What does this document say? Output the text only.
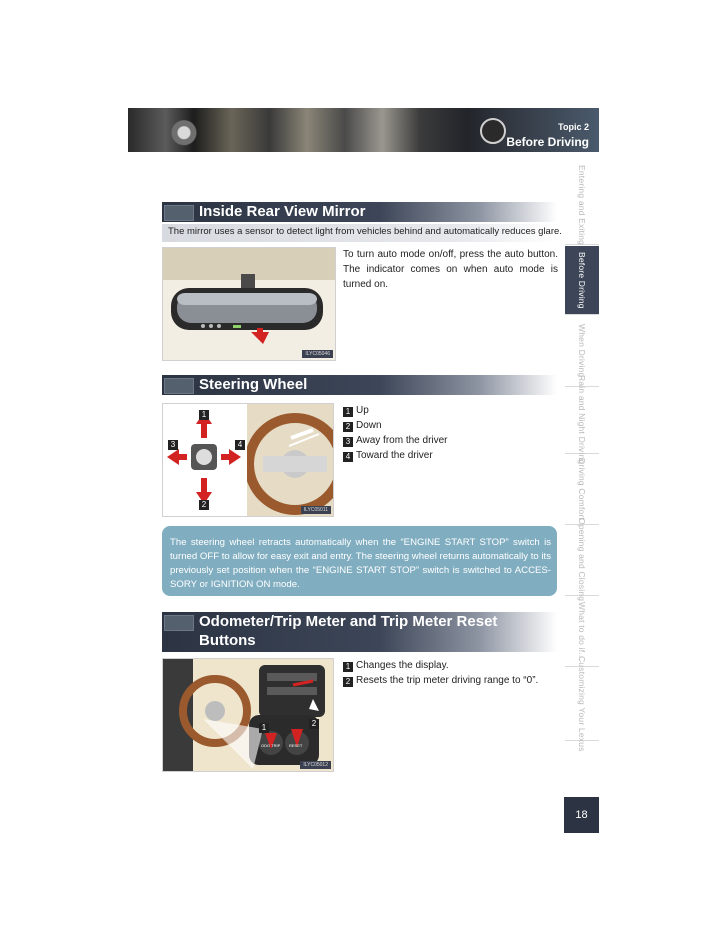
Topic 2
Before Driving
Entering and Exiting
Before Driving
When Driving
Rain and Night Driving
Driving Comfort
Opening and Closing
What to do if...
Customizing Your Lexus
Inside Rear View Mirror
The mirror uses a sensor to detect light from vehicles behind and automatically reduces glare.
ILYC05046
To turn auto mode on/off, press the auto button. The indicator comes on when auto mode is turned on.
Steering Wheel
1
2
3	4
ILYC05011
1 Up
2 Down
3 Away from the driver
4 Toward the driver
The steering wheel retracts automatically when the “ENGINE START STOP” switch is turned OFF to allow for easy exit and entry. The steering wheel returns automatically to its previously set position when the “ENGINE START STOP” switch is switched to ACCES-SORY or IGNITION ON mode.
Odometer/Trip Meter and Trip Meter Reset
Buttons
1	2
ODO TRIP RESET
ILYC05012
1 Changes the display.
2 Resets the trip meter driving range to “0”.
18
